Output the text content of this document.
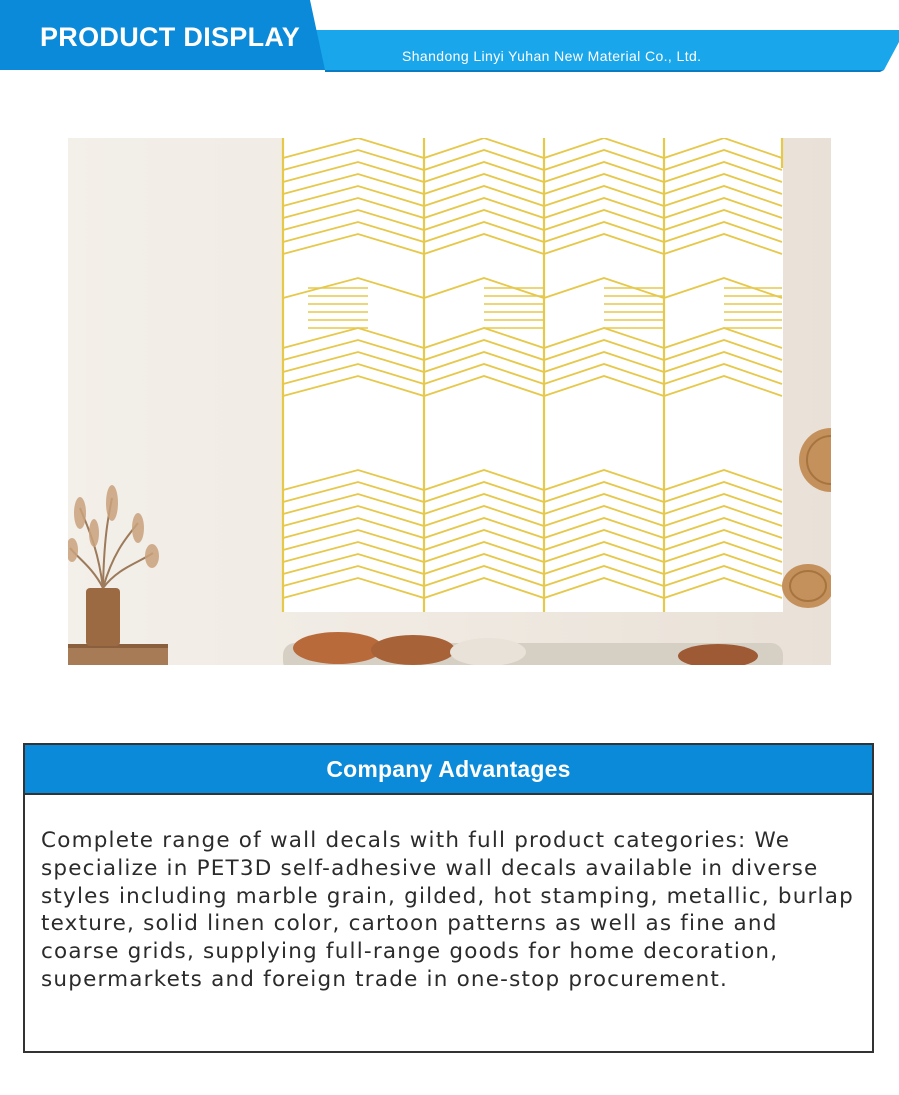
PRODUCT DISPLAY
Shandong Linyi Yuhan New Material Co., Ltd.
Company Advantages
Complete range of wall decals with full product categories: We specialize in PET3D self-adhesive wall decals available in diverse styles including marble grain, gilded, hot stamping, metallic, burlap texture, solid linen color, cartoon patterns as well as fine and coarse grids, supplying full-range goods for home decoration, supermarkets and foreign trade in one-stop procurement.
